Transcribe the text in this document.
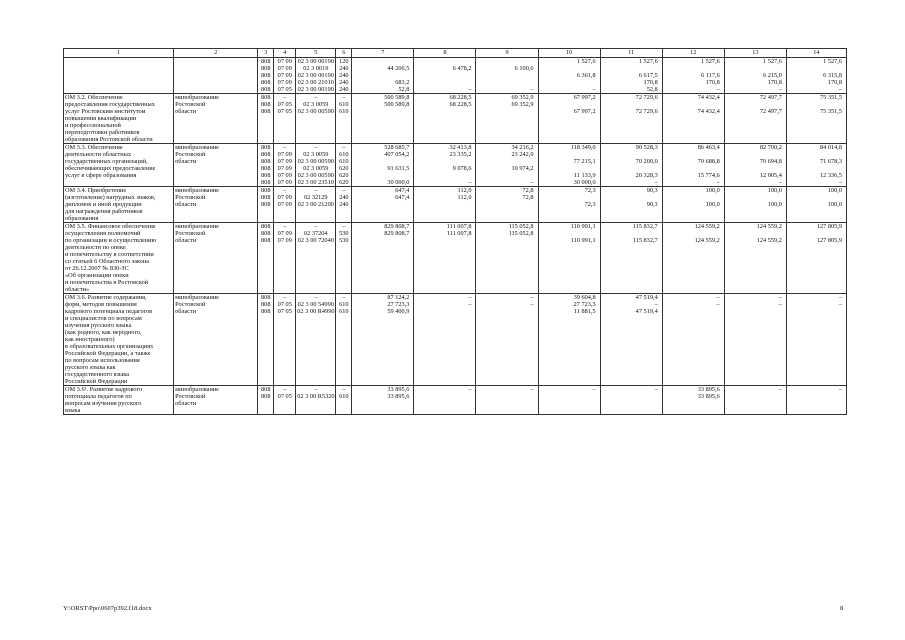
1	2	3	4	5	6	7	8	9	10	11	12	13	14
		808	07 09	02 3 00 00190	120				1 527,6	1 527,6	1 527,6	1 527,6	1 527,6
		808	07 09	02 3 0019	240	44 206,5	6 478,2	6 100,6					
		808	07 09	02 3 00 00190	240				6 361,8	6 617,5	6 117,6	6 215,0	6 315,8
		808	07 09	02 3 00 21010	240	683,2				170,8	170,8	170,8	170,8
		808	07 05	02 3 00 00190	240	52,8	–	–	–	52,8	–	–	–
ОМ 3.2. Обеспечение	минобразование	808	–	–	–	500 589,8	68 228,5	69 352,9	67 997,2	72 729,6	74 432,4	72 497,7	75 351,5
предоставления государственных	Ростовской	808	07 05	02 3 0059	610	500 589,8	68 228,5	69 352,9					
услуг Ростовским институтом	области	808	07 05	02 3 00 00590	610				67 997,2	72 729,6	74 432,4	72 497,7	75 351,5
повышения квалификации													
и профессиональной													
переподготовки работников													
образования Ростовской области													
ОМ 3.3. Обеспечение	минобразование	808	–	–	–	528 685,7	32 413,8	34 216,2	118 349,0	90 528,3	86 463,4	82 700,2	84 014,8
деятельности областных	Ростовской	808	07 09	02 3 0059	610	407 054,2	23 335,2	23 242,0					
государственных организаций,	области	808	07 09	02 3 00 00590	610				77 215,1	70 200,0	70 688,8	70 694,8	71 678,3
обеспечивающих предоставление		808	07 09	02 3 0059	620	91 631,5	9 078,6	10 974,2					
услуг в сфере образования		808	07 09	02 3 00 00590	620				11 133,9	20 328,3	15 774,6	12 005,4	12 336,5
		808	07 09	02 3 00 23510	620	30 000,0	–	–	30 000,0	–	–	–	–
ОМ 3.4. Приобретение	минобразование	808	–	–	–	647,4	112,0	72,8	72,3	90,3	100,0	100,0	100,0
(изготовление) нагрудных знаков,	Ростовской	808	07 09	02 32129	240	647,4	112,0	72,8					
дипломов и иной продукции	области	808	07 09	02 3 00 21290	240				72,3	90,3	100,0	100,0	100,0
для награждения работников													
образования													
ОМ 3.5. Финансовое обеспечение	минобразование	808	–	–	–	829 808,7	111 007,8	115 052,8	110 991,1	115 832,7	124 559,2	124 559,2	127 805,9
осуществления полномочий	Ростовской	808	07 09	02 37204	530	829 808,7	111 007,8	115 052,8					
по организации и осуществлению	области	808	07 09	02 3 00 72040	530				110 991,1	115 832,7	124 559,2	124 559,2	127 805,9
деятельности по опеке													
и попечительству в соответствии													
со статьей 6 Областного закона													
от 26.12.2007 № 830-ЗС													
«Об организации опеки													
и попечительства в Ростовской													
области»													
ОМ 3.6. Развитие содержания,	минобразование	808	–	–	–	87 124,2	–	–	39 604,8	47 519,4	–	–	–
форм, методов повышения	Ростовской	808	07 05	02 3 00 54990	610	27 723,3	–	–	27 723,3	–	–	–	–
кадрового потенциала педагогов	области	808	07 05	02 3 00 R4990	610	59 400,9			11 881,5	47 519,4			
и специалистов по вопросам													
изучения русского языка													
(как родного, как неродного,													
как иностранного)													
в образовательных организациях													
Российской Федерации, а также													
по вопросам использования													
русского языка как													
государственного языка													
Российской Федерации													
ОМ 3.6¹. Развитие кадрового	минобразование	808	–	–	–	33 895,6	–	–	–	–	33 895,6	–	–
потенциала педагогов по	Ростовской	808	07 05	02 3 00 R5320	610	33 895,6					33 895,6		
вопросам изучения русского	области												
языка													
Y:\ORST\Ppo\0607p392.f18.docx	8
